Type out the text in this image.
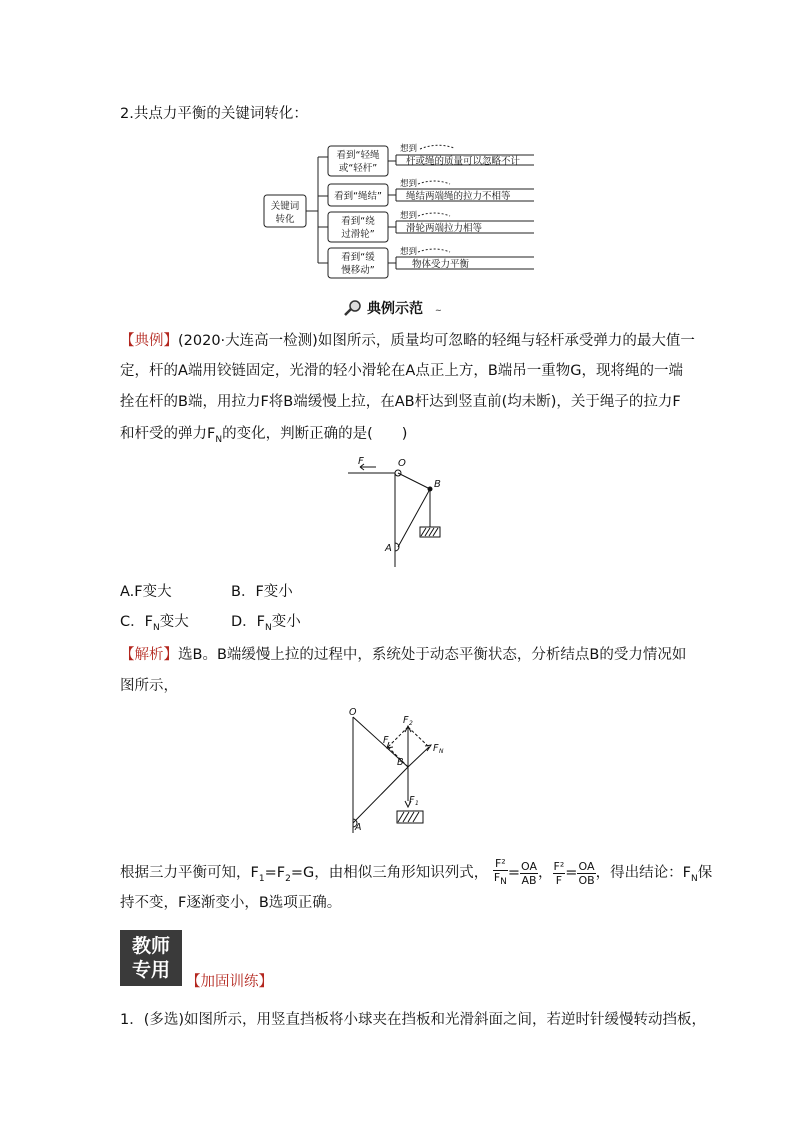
2.共点力平衡的关键词转化：
关键词
转化
看到“轻绳
或“轻杆”
看到“绳结”
看到“绕
过滑轮”
看到“缓
慢移动”
想到
想到
想到
想到
杆或绳的质量可以忽略不计
绳结两端绳的拉力不相等
滑轮两端拉力相等
物体受力平衡
典例示范 ~
【典例】(2020·大连高一检测)如图所示，质量均可忽略的轻绳与轻杆承受弹力的最大值一
定，杆的A端用铰链固定，光滑的轻小滑轮在A点正上方，B端吊一重物G，现将绳的一端
拴在杆的B端，用拉力F将B端缓慢上拉，在AB杆达到竖直前(均未断)，关于绳子的拉力F
和杆受的弹力$F_N$的变化，判断正确的是(　　)
F	O
B
A
A.F变大	B．F变小
C．$F_N$变大	D．$F_N$变小
【解析】选B。B端缓慢上拉的过程中，系统处于动态平衡状态，分析结点B的受力情况如
图所示，
O
F 2
F
F N
B
F 1
A
根据三力平衡可知，$F_1=F_2=G$，由相似三角形知识列式， $\frac{\text{F²}}{F_N} = \frac{OA}{AB}$ ， $\frac{\text{F²}}{F} = \frac{OA}{OB}$ ，得出结论：$F_N$保
持不变，F逐渐变小，B选项正确。
教师
专用
【加固训练】
1．(多选)如图所示，用竖直挡板将小球夹在挡板和光滑斜面之间，若逆时针缓慢转动挡板，
